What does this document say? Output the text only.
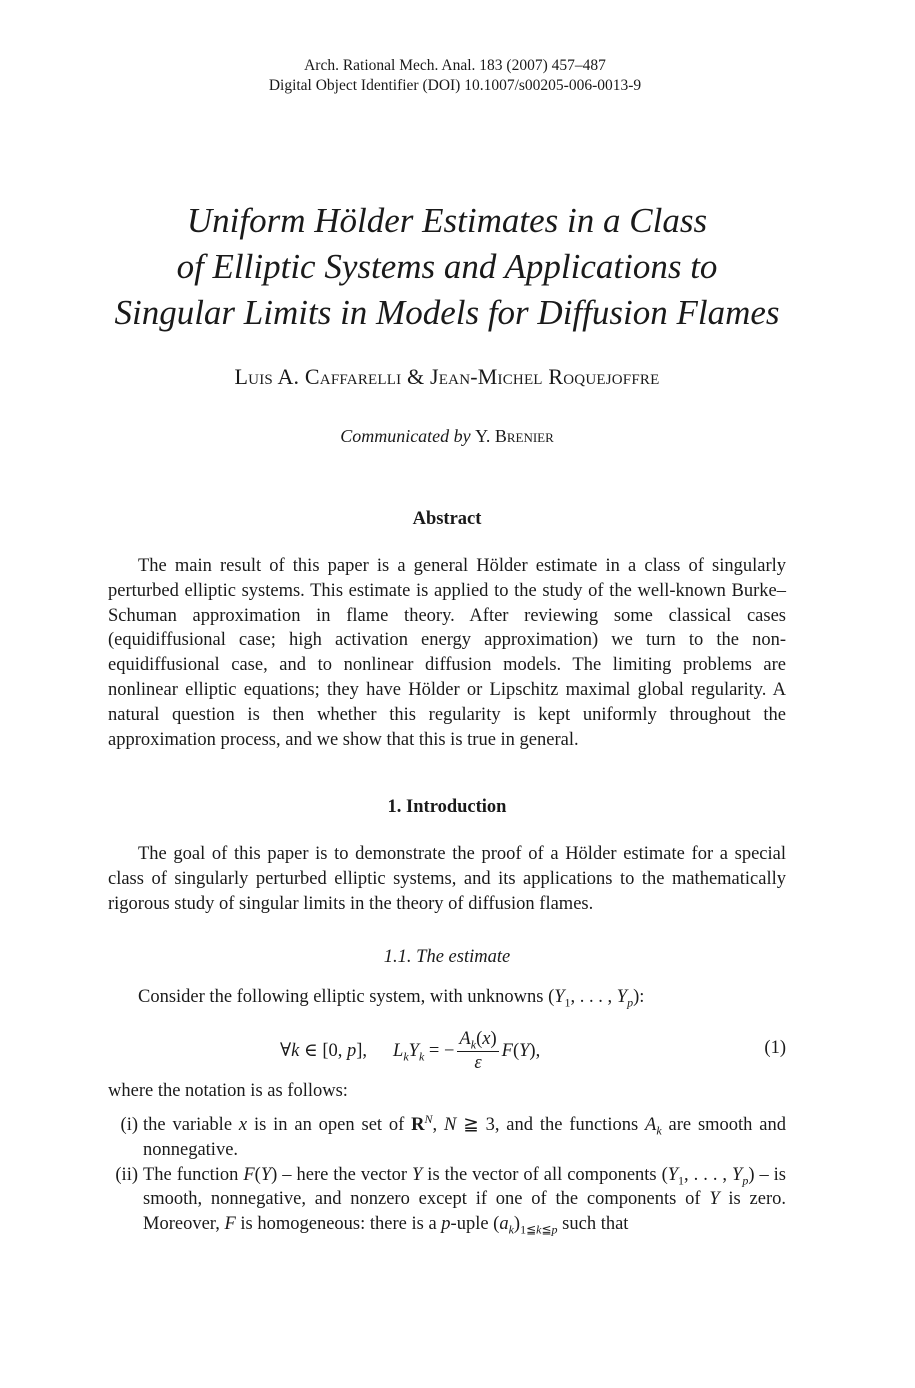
Arch. Rational Mech. Anal. 183 (2007) 457–487
Digital Object Identifier (DOI) 10.1007/s00205-006-0013-9
Uniform Hölder Estimates in a Class
of Elliptic Systems and Applications to
Singular Limits in Models for Diffusion Flames
Luis A. Caffarelli & Jean-Michel Roquejoffre
Communicated by Y. Brenier
Abstract

The main result of this paper is a general Hölder estimate in a class of singularly perturbed elliptic systems. This estimate is applied to the study of the well-known Burke–Schuman approximation in flame theory. After reviewing some classical cases (equidiffusional case; high activation energy approximation) we turn to the non-equidiffusional case, and to nonlinear diffusion models. The limiting problems are nonlinear elliptic equations; they have Hölder or Lipschitz maximal global regularity. A natural question is then whether this regularity is kept uniformly throughout the approximation process, and we show that this is true in general.

1. Introduction

The goal of this paper is to demonstrate the proof of a Hölder estimate for a special class of singularly perturbed elliptic systems, and its applications to the mathematically rigorous study of singular limits in the theory of diffusion flames.

1.1. The estimate
Consider the following elliptic system, with unknowns ($Y_1$, . . . , $Y_p$):
∀k ∈ [0, p], $L_kY_k$ = − $\frac{A_k(x)}{\varepsilon} F(Y)$,	(1)
where the notation is as follows:
(i) the variable x is in an open set of $R^N$, N ≧ 3, and the functions $A_k$ are smooth and nonnegative.

(ii) The function F(Y) – here the vector Y is the vector of all components ($Y_1$, . . . , $Y_p$) – is smooth, nonnegative, and nonzero except if one of the components of Y is zero. Moreover, F is homogeneous: there is a p-uple $(a_k)_{1≦k≦p}$ such that
